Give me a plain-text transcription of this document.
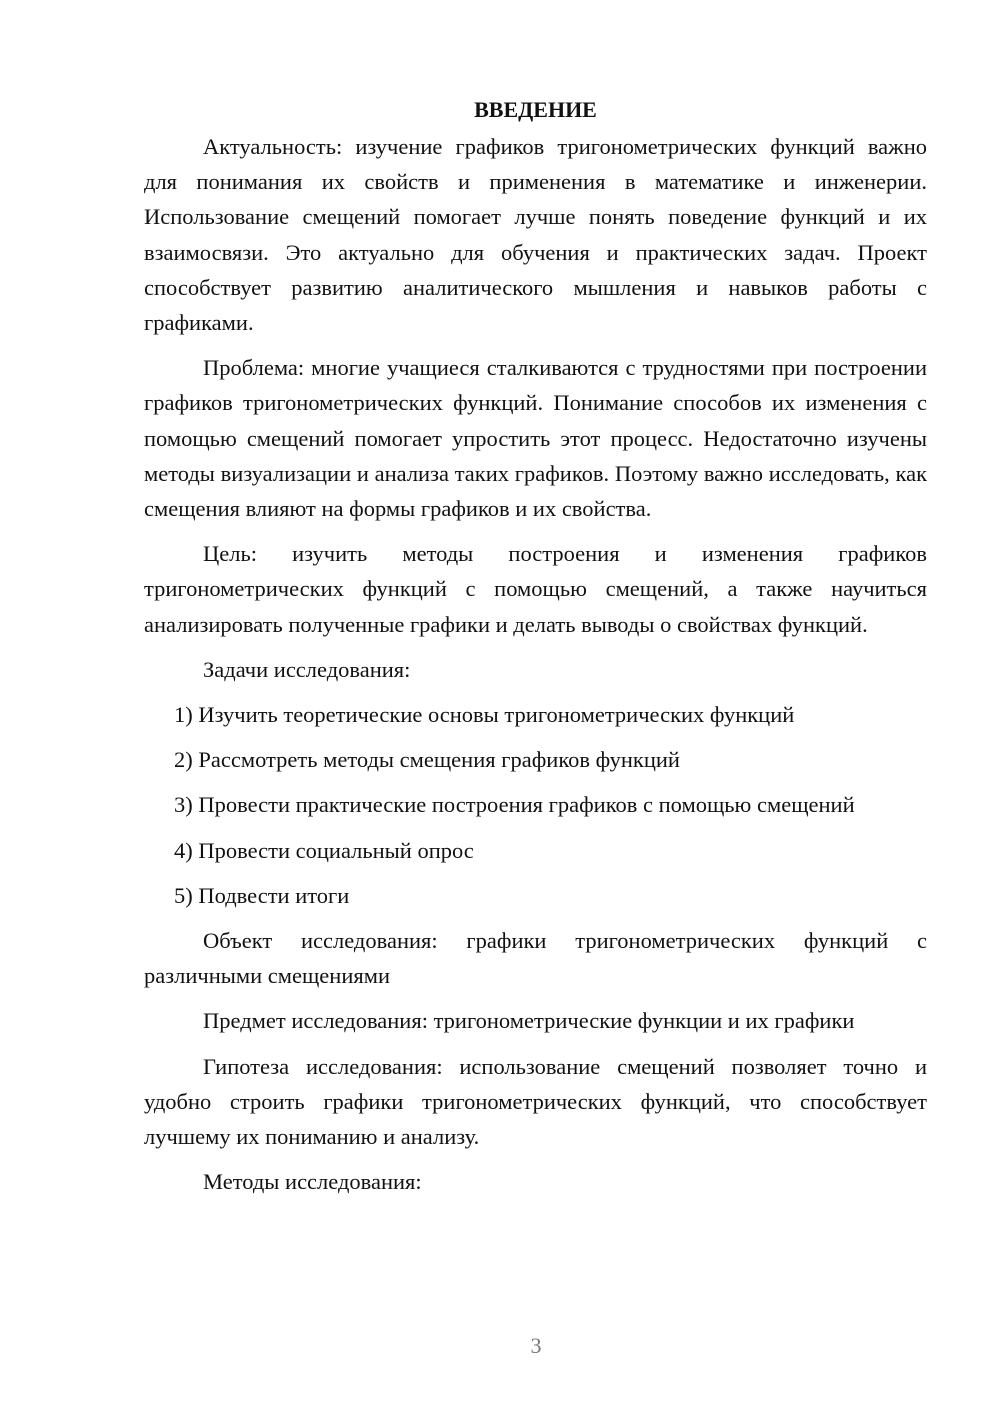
ВВЕДЕНИЕ

Актуальность: изучение графиков тригонометрических функций важно для понимания их свойств и применения в математике и инженерии. Использование смещений помогает лучше понять поведение функций и их взаимосвязи. Это актуально для обучения и практических задач. Проект способствует развитию аналитического мышления и навыков работы с графиками.

Проблема: многие учащиеся сталкиваются с трудностями при построении графиков тригонометрических функций. Понимание способов их изменения с помощью смещений помогает упростить этот процесс. Недостаточно изучены методы визуализации и анализа таких графиков. Поэтому важно исследовать, как смещения влияют на формы графиков и их свойства.

Цель: изучить методы построения и изменения графиков тригонометрических функций с помощью смещений, а также научиться анализировать полученные графики и делать выводы о свойствах функций.

Задачи исследования:

1) Изучить теоретические основы тригонометрических функций

2) Рассмотреть методы смещения графиков функций

3) Провести практические построения графиков с помощью смещений

4) Провести социальный опрос

5) Подвести итоги

Объект исследования: графики тригонометрических функций с различными смещениями

Предмет исследования: тригонометрические функции и их графики

Гипотеза исследования: использование смещений позволяет точно и удобно строить графики тригонометрических функций, что способствует лучшему их пониманию и анализу.

Методы исследования:

3
